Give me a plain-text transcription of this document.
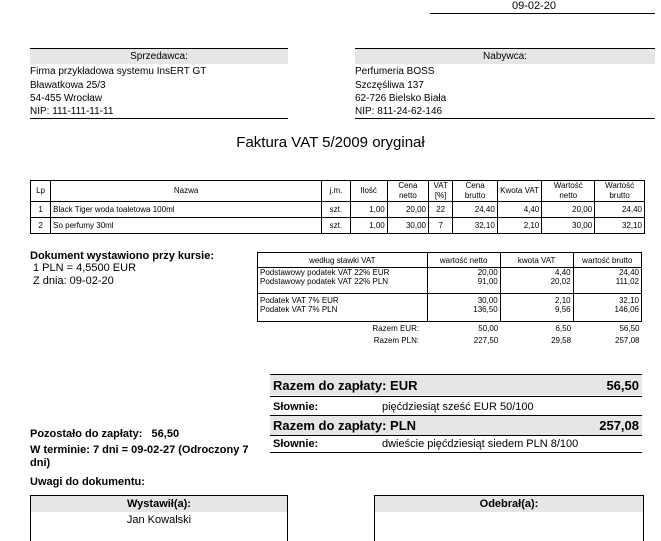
09-02-20
Sprzedawca:
Firma przykładowa systemu InsERT GT
Bławatkowa 25/3
54-455 Wrocław
NIP: 111-111-11-11
Nabywca:
Perfumeria BOSS
Szczęśliwa 137
62-726 Bielsko Biała
NIP: 811-24-62-146
Faktura VAT 5/2009 oryginał
Lp	Nazwa	j.m.	Ilość	Cena netto	VAT [%]	Cena brutto	Kwota VAT	Wartość netto	Wartość brutto
1	Black Tiger woda toaletowa 100ml	szt.	1,00	20,00	22	24,40	4,40	20,00	24,40
2	So perfumy 30ml	szt.	1,00	30,00	7	32,10	2,10	30,00	32,10
Dokument wystawiono przy kursie:
1 PLN = 4,5500 EUR
Z dnia: 09-02-20
według stawki VAT	wartość netto	kwota VAT	wartość brutto
Podstawowy podatek VAT 22% EUR	20,00	4,40	24,40
Podstawowy podatek VAT 22% PLN	91,00	20,02	111,02
Podatek VAT 7% EUR	30,00	2,10	32,10
Podatek VAT 7% PLN	136,50	9,56	146,06
Razem EUR:	50,00	6,50	56,50
Razem PLN:	227,50	29,58	257,08
Razem do zapłaty: EUR	56,50
Słownie:	pięćdziesiąt sześć EUR 50/100
Razem do zapłaty: PLN	257,08
Słownie:	dwieście pięćdziesiąt siedem PLN 8/100
Pozostało do zapłaty: 56,50
W terminie: 7 dni = 09-02-27 (Odroczony 7 dni)
Uwagi do dokumentu:
Wystawił(a):
Jan Kowalski
Odebrał(a):
